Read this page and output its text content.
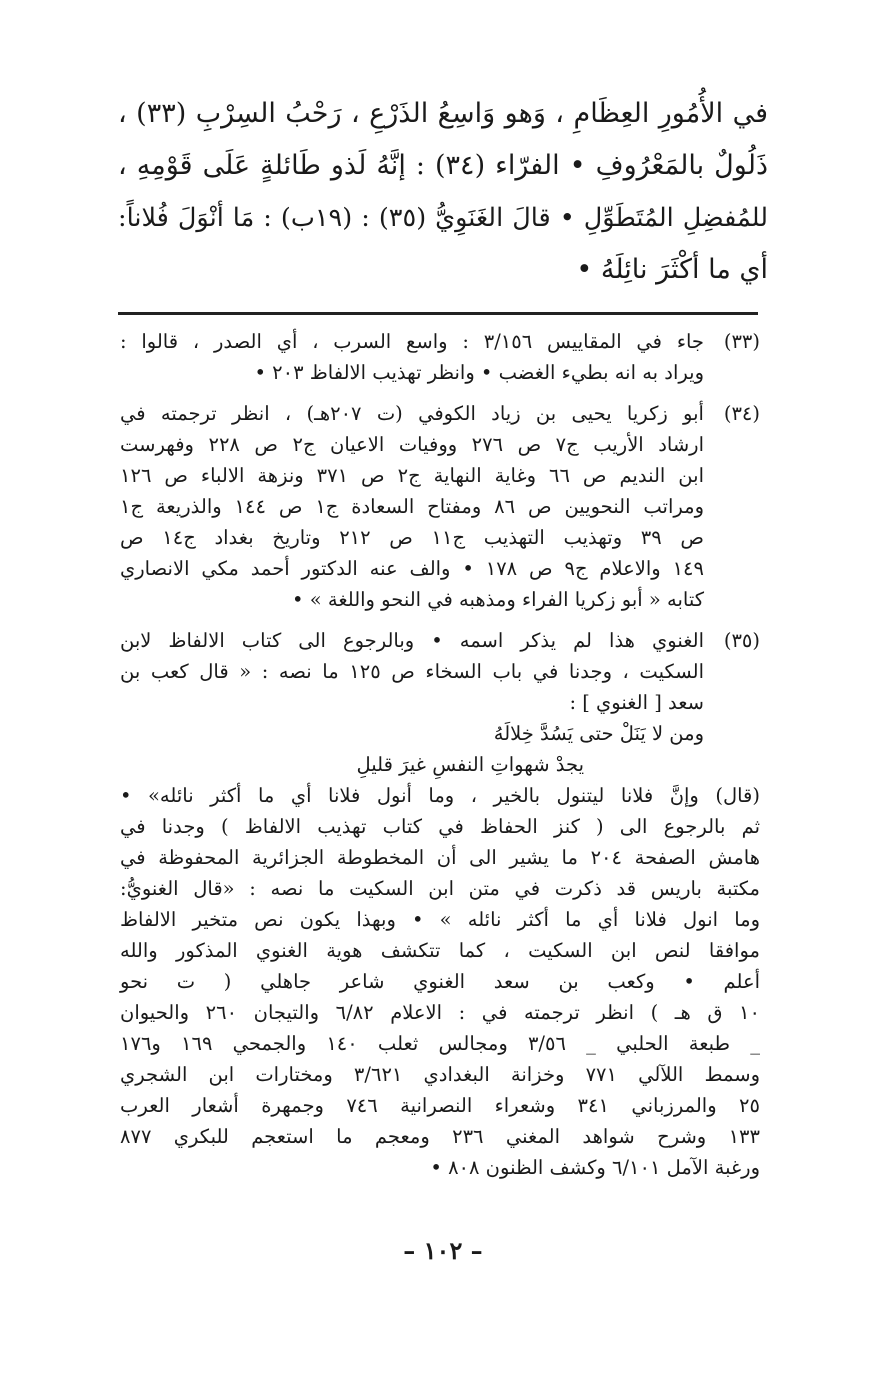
في الأُمُورِ العِظَامِ ، وَهو وَاسِعُ الذَرْعِ ، رَحْبُ السِرْبِ (٣٣) ،
ذَلُولٌ بالمَعْرُوفِ • الفرّاء (٣٤) : إنَّهُ لَذو طَائلةٍ عَلَى قَوْمِهِ ،
للمُفضِلِ المُتَطَوِّلِ • قالَ الغَنَوِيُّ (٣٥) : (١٩ب) : مَا أنْوَلَ فُلاناً:
أي ما أكْثَرَ نائِلَهُ •
(٣٣)
جاء في المقاييس ٣/١٥٦ : واسع السرب ، أي الصدر ، قالوا :
ويراد به انه بطيء الغضب • وانظر تهذيب الالفاظ ٢٠٣ •
(٣٤)
أبو زكريا يحيى بن زياد الكوفي (ت ٢٠٧هـ) ، انظر ترجمته في
ارشاد الأريب ج٧ ص ٢٧٦ ووفيات الاعيان ج٢ ص ٢٢٨ وفهرست
ابن النديم ص ٦٦ وغاية النهاية ج٢ ص ٣٧١ ونزهة الالباء ص ١٢٦
ومراتب النحويين ص ٨٦ ومفتاح السعادة ج١ ص ١٤٤ والذريعة ج١
ص ٣٩ وتهذيب التهذيب ج١١ ص ٢١٢ وتاريخ بغداد ج١٤ ص
١٤٩ والاعلام ج٩ ص ١٧٨ • والف عنه الدكتور أحمد مكي الانصاري
كتابه « أبو زكريا الفراء ومذهبه في النحو واللغة » •
(٣٥)
الغنوي هذا لم يذكر اسمه • وبالرجوع الى كتاب الالفاظ لابن
السكيت ، وجدنا في باب السخاء ص ١٢٥ ما نصه : « قال كعب بن
سعد [ الغنوي ] :
ومن لا يَنَلْ حتى يَسُدَّ خِلالَهُ
يجدْ شهواتِ النفسِ غيرَ قليلِ
(قال) وإنَّ فلانا ليتنول بالخير ، وما أنول فلانا أي ما أكثر نائله» •
ثم بالرجوع الى ( كنز الحفاظ في كتاب تهذيب الالفاظ ) وجدنا في
هامش الصفحة ٢٠٤ ما يشير الى أن المخطوطة الجزائرية المحفوظة في
مكتبة باريس قد ذكرت في متن ابن السكيت ما نصه : «قال الغنويُّ:
وما انول فلانا أي ما أكثر نائله » • وبهذا يكون نص متخير الالفاظ
موافقا لنص ابن السكيت ، كما تتكشف هوية الغنوي المذكور والله
أعلم • وكعب بن سعد الغنوي شاعر جاهلي ( ت نحو
١٠ ق هـ ) انظر ترجمته في : الاعلام ٦/٨٢ والتيجان ٢٦٠ والحيوان
_ طبعة الحلبي _ ٣/٥٦ ومجالس ثعلب ١٤٠ والجمحي ١٦٩ و١٧٦
وسمط اللآلي ٧٧١ وخزانة البغدادي ٣/٦٢١ ومختارات ابن الشجري
٢٥ والمرزباني ٣٤١ وشعراء النصرانية ٧٤٦ وجمهرة أشعار العرب
١٣٣ وشرح شواهد المغني ٢٣٦ ومعجم ما استعجم للبكري ٨٧٧
ورغبة الآمل ٦/١٠١ وكشف الظنون ٨٠٨ •
– ١٠٢ –
